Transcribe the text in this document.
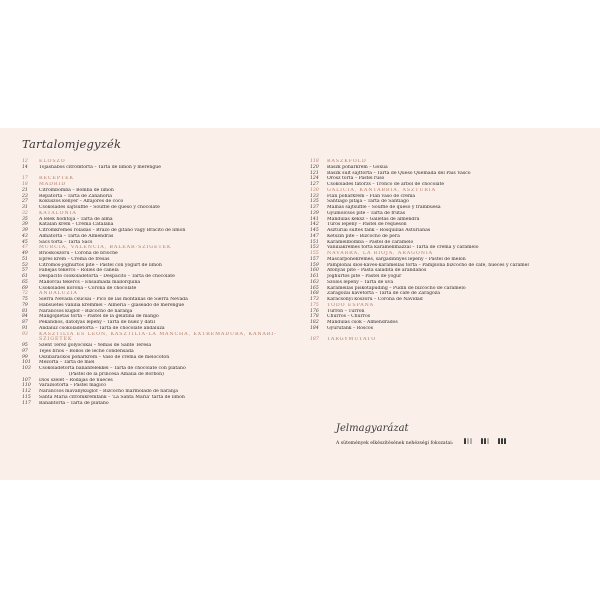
Tartalomjegyzék
12	ELŐSZÓ
14	Tojáshabos citromtorta – Tarta de limón y merengue
17	RECEPTEK
18	MADRID
21	Citrombomba – Bomba de limón
23	Répatorta – Tarta de Zanahoria
27	Kókuszos kenyér – Alfajores de coco
31	Csokoládés sajtsufflé – Soufflé de queso y chocolate
32	KATALÓNIA
35	A lélek hódítója – Tarta de alma
39	Katalán krém – Crema Catalana
39	Citromkrémes roládás – Brazo de gitano vagy Bracito de limón
43	Almatorta – Tarta de Almendras
45	Sacs torta – Tarta Sacs
47	MURCIA, VALENCIA, BALEÁR-SZIGETEK
49	Brióskoszorú – Corona de brioche
51	Epres krém – Crema de fresas
53	Citromos-joghurtos pite – Pastel con yogurt de limón
57	Fahéjas tekercs – Rolles de canela
61	Despacito csokoládétorta – Despacito – Tarta de chocolate
65	Mallorcai tekercs – Ensaimada mallorquina
69	Csokoládés korona – Corona de chocolate
72	ANDALÚZIA
75	Sierra Nevada csúcsai – Pico de las montañas de Sierra Nevada
79	Habsüetes vanília krémmel – Almería – glaseado de merengue
81	Narancsos kuglóf – Bizcocho de naranja
84	Mangóplétás torta – Pastel de la gelatina de mango
87	Pekándiós, datolyás lepény – Tarta de nuez y dátil
91	Andalúz csokoládétorta – Tarta de chocolate andaluza
93	KASZTÍLIA ÉS LEÓN, KASZTÍLIA-LA MANCHA, EXTREMADURA, KANÁRI-SZIGETEK
95	Szent Teréz golyócskái – Yemas de Sante Teresa
97	Tejes brióš – Bollos de leche condensada
99	Őszibarackos pohárkrém – Vaso de crema de melocotón
101	Mézorta – Tarta de miel
103	Csokoládétorta banánfélékkel – Tarta de chocolate con plátano
(Pastel de la princesa Amalia de Borbón)
107	Diós szelet – Rodajas de nueces
110	Varázsotorta – Pastel mágico
112	Narancsos máványkuglóf – Bizcocho marmolado de naranja
115	Santa Maria citromkrémfánk – 'La Santa Maria' tarta de limón
117	Banántorta – Tarta de plátano
118	BASZKFÖLD
120	Baszk pohárkrém – Goxua
121	Baszk sült sajttorta – Tarta de Queso Quemada del País Vasco
124	Orosz torta – Pastel ruso
127	Csokoládés fatörzs – Tronco de árbol de chocolate
130	GALÍCIA, KANTÁBRIA, ASZTÚRIA
133	Flan pohárkrém – Flan vaso de crema
135	Santiago pitája – Tarta de Santiago
137	Málnás sajtsufflé – Soufflé de queso y frambuesa
139	Gyümölcsös pite – Tarta de frutas
141	Mandulás keksz – Galletas de almendra
142	Túrós lepény – Pastel de requesón
145	Asztúriai sültes fánk – Rosquillas Asturianas
147	Kétszín pite – Bizcocho de pera
151	Karamellbomba – Pastel de caramelo
153	Vaníliakrémes torta karamellmázzal – Tarta de crema y caramelo
155	NAVARRA, LA RIOJA, ARAGÓNIA
157	Mascarponekrémes, sárgadinnyés lepény – Pastel de melón
159	Pamplonai diós-kávés-karamellás torta – Pamplona bizcocho de café, nueces y caramel
160	Áfonyás pite – Pasta saladita de arándanos
161	Joghurtos pite – Pastel de yogur
163	Szőlős lepény – Tarta de uva
165	Karamellás piskótapuding – Pudín de bizcocho de caramelo
168	Zaragozai kávétorta – Tarta de café de Zaragoza
173	Karácsonyi koszorú – Corona de Navidad
175	TODO ESPAÑA
176	Turrón – Turrón
178	Churros – Churros
182	Mandulás csók – Almendrados
184	Gyűrűfánk – Roscos
187	TÁRGYMUTATÓ
Jelmagyarázat
A sütemények elkészítésének nehézségi fokozatai:
